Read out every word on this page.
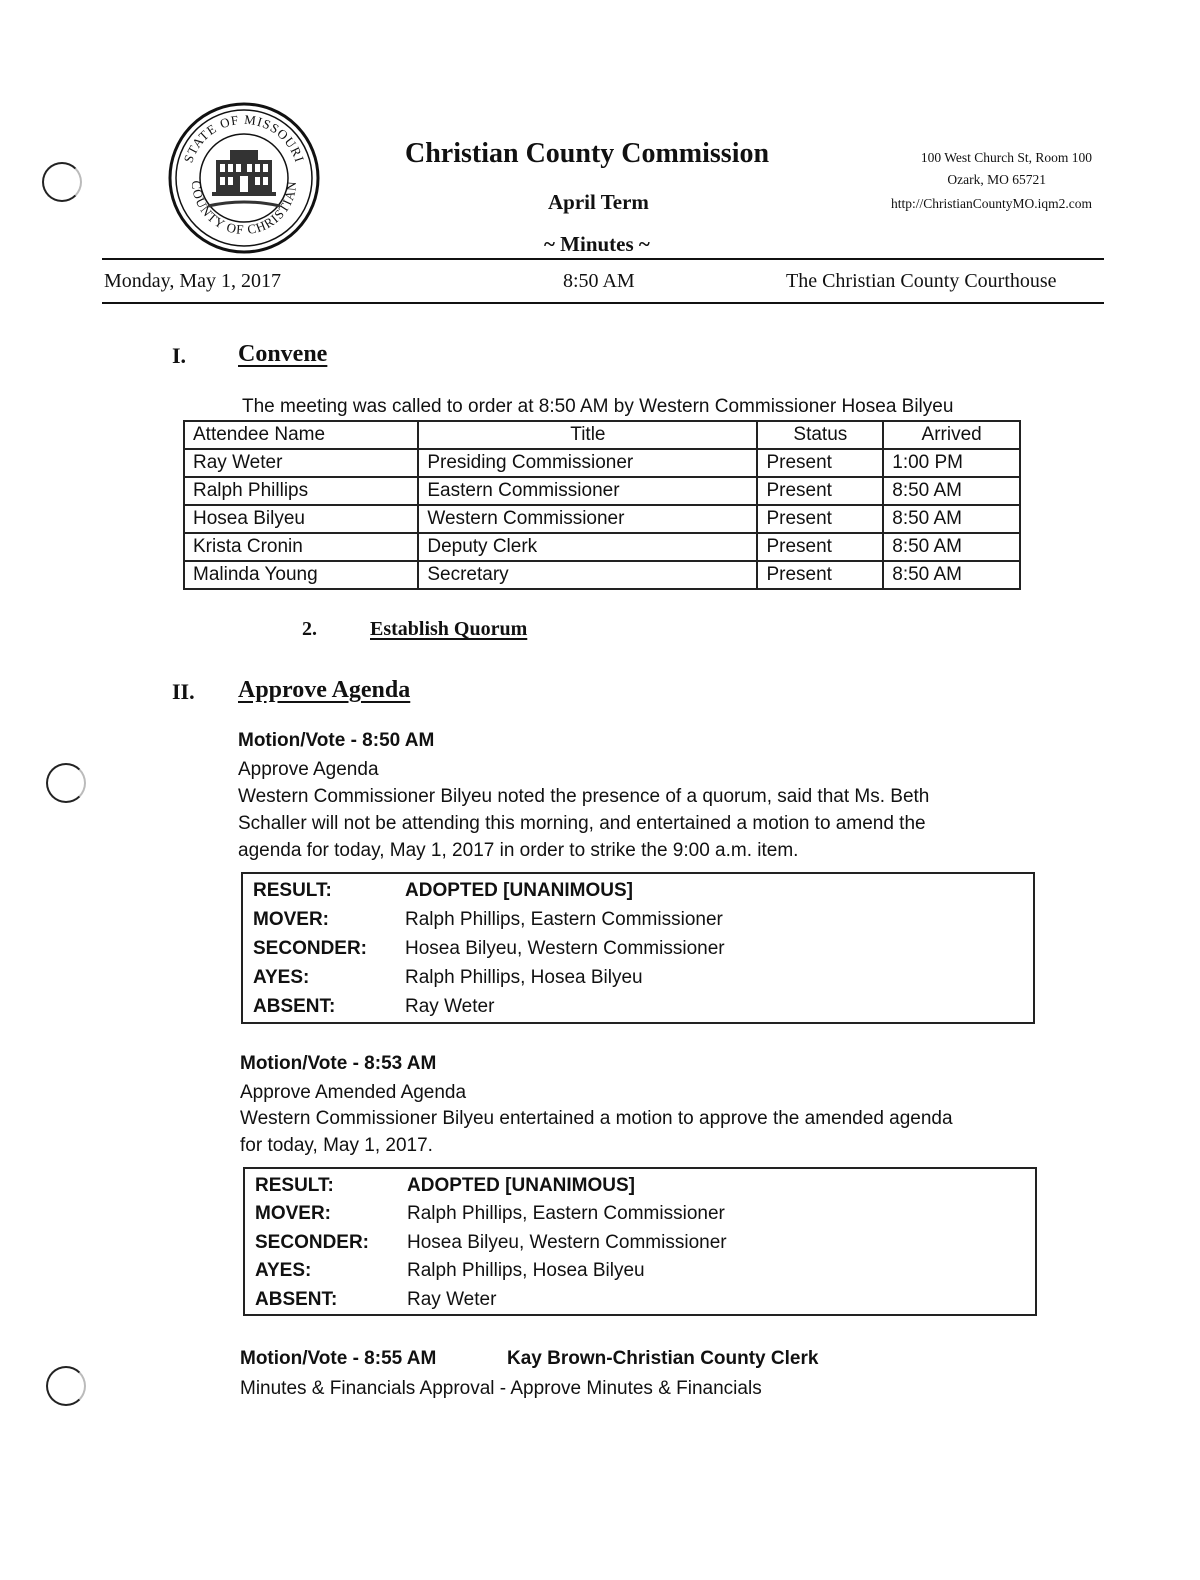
STATE OF MISSOURI
COUNTY OF CHRISTIAN
Christian County Commission
April Term
~ Minutes ~
100 West Church St, Room 100
Ozark, MO 65721
http://ChristianCountyMO.iqm2.com
Monday, May 1, 2017	8:50 AM	The Christian County Courthouse
I. Convene
The meeting was called to order at 8:50 AM by Western Commissioner Hosea Bilyeu
Attendee Name	Title	Status	Arrived
Ray Weter	Presiding Commissioner	Present	1:00 PM
Ralph Phillips	Eastern Commissioner	Present	8:50 AM
Hosea Bilyeu	Western Commissioner	Present	8:50 AM
Krista Cronin	Deputy Clerk	Present	8:50 AM
Malinda Young	Secretary	Present	8:50 AM
2.	Establish Quorum
II. Approve Agenda
Motion/Vote - 8:50 AM
Approve Agenda
Western Commissioner Bilyeu noted the presence of a quorum, said that Ms. Beth
Schaller will not be attending this morning, and entertained a motion to amend the
agenda for today, May 1, 2017 in order to strike the 9:00 a.m. item.
RESULT:	ADOPTED [UNANIMOUS]
MOVER:	Ralph Phillips, Eastern Commissioner
SECONDER: Hosea Bilyeu, Western Commissioner
AYES:	Ralph Phillips, Hosea Bilyeu
ABSENT:	Ray Weter
Motion/Vote - 8:53 AM
Approve Amended Agenda
Western Commissioner Bilyeu entertained a motion to approve the amended agenda
for today, May 1, 2017.
RESULT:	ADOPTED [UNANIMOUS]
MOVER:	Ralph Phillips, Eastern Commissioner
SECONDER: Hosea Bilyeu, Western Commissioner
AYES:	Ralph Phillips, Hosea Bilyeu
ABSENT:	Ray Weter
Motion/Vote - 8:55 AM	Kay Brown-Christian County Clerk
Minutes & Financials Approval - Approve Minutes & Financials
